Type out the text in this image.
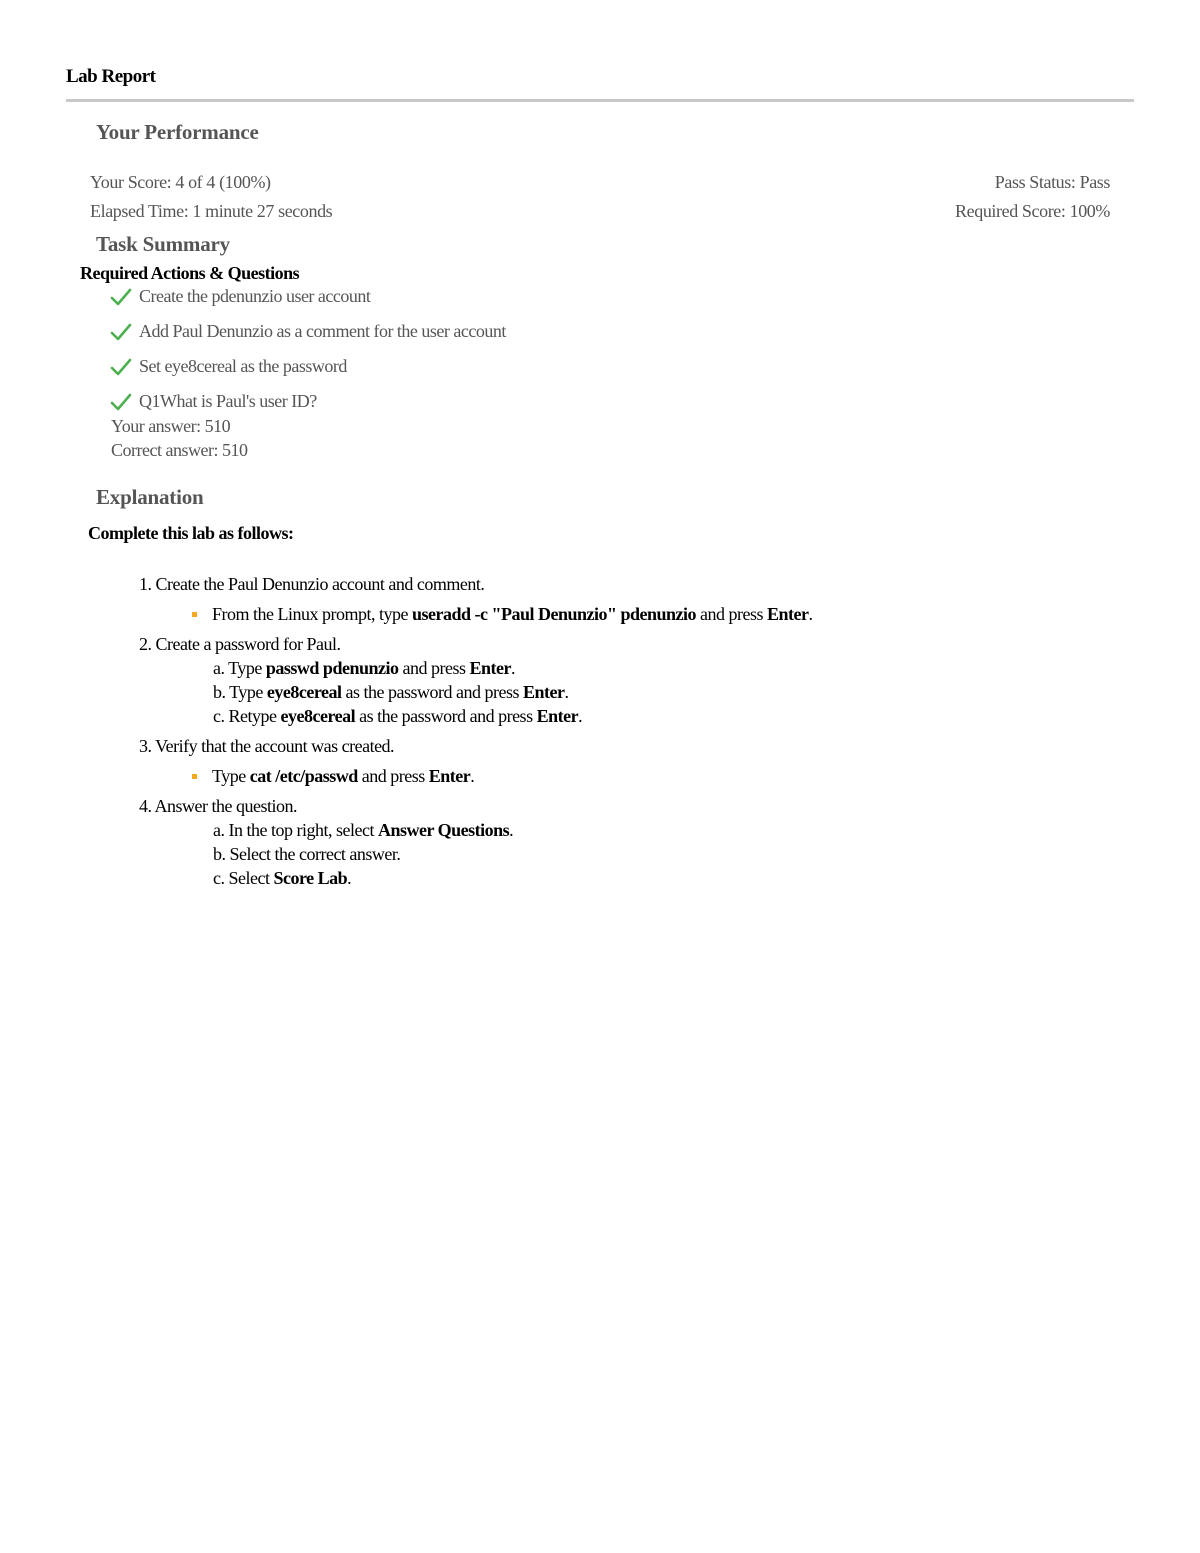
Lab Report
Your Performance
Your Score: 4 of 4 (100%)	Pass Status: Pass
Elapsed Time: 1 minute 27 seconds	Required Score: 100%
Task Summary
Required Actions & Questions
Create the pdenunzio user account
Add Paul Denunzio as a comment for the user account
Set eye8cereal as the password
Q1What is Paul's user ID?
Your answer: 510
Correct answer: 510
Explanation
Complete this lab as follows:
1. Create the Paul Denunzio account and comment.
From the Linux prompt, type useradd -c "Paul Denunzio" pdenunzio and press Enter.
2. Create a password for Paul.
a. Type passwd pdenunzio and press Enter.
b. Type eye8cereal as the password and press Enter.
c. Retype eye8cereal as the password and press Enter.
3. Verify that the account was created.
Type cat /etc/passwd and press Enter.
4. Answer the question.
a. In the top right, select Answer Questions.
b. Select the correct answer.
c. Select Score Lab.
